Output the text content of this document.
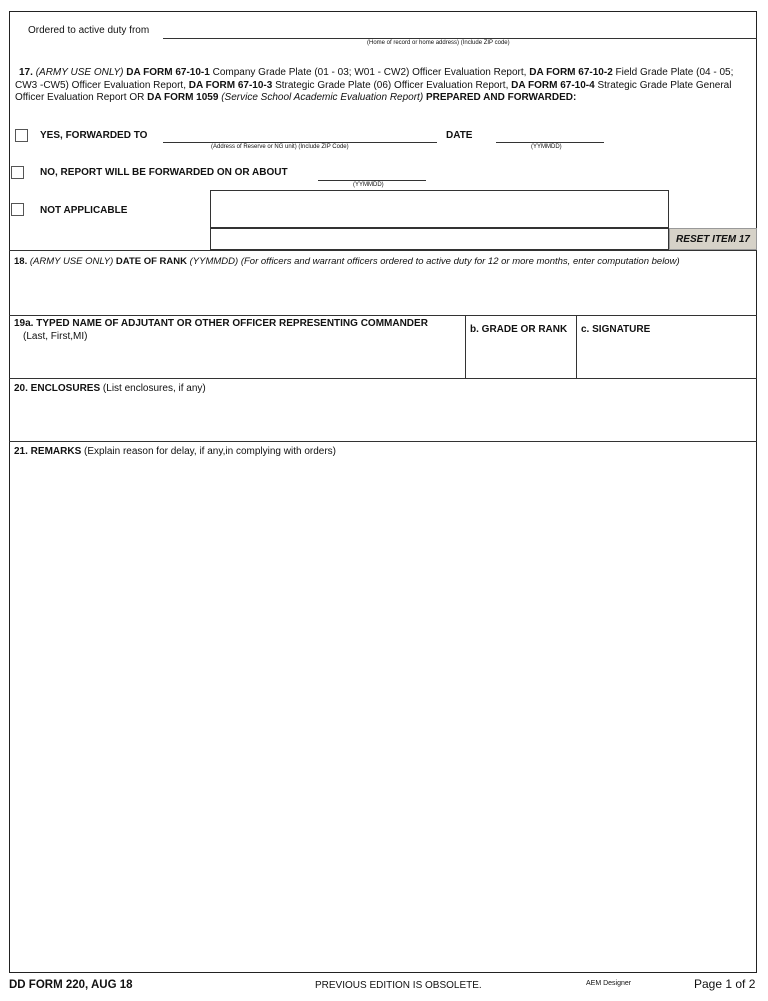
Ordered to active duty from
(Home of record or home address) (Include ZIP code)
17. (ARMY USE ONLY) DA FORM 67-10-1 Company Grade Plate (01 - 03; W01 - CW2) Officer Evaluation Report, DA FORM 67-10-2 Field Grade Plate (04 - 05; CW3 -CW5) Officer Evaluation Report, DA FORM 67-10-3 Strategic Grade Plate (06) Officer Evaluation Report, DA FORM 67-10-4 Strategic Grade Plate General Officer Evaluation Report OR DA FORM 1059 (Service School Academic Evaluation Report) PREPARED AND FORWARDED:
YES, FORWARDED TO
(Address of Reserve or NG unit) (Include ZIP Code)
DATE
(YYMMDD)
NO, REPORT WILL BE FORWARDED ON OR ABOUT
(YYMMDD)
NOT APPLICABLE
RESET ITEM 17
18. (ARMY USE ONLY) DATE OF RANK (YYMMDD) (For officers and warrant officers ordered to active duty for 12 or more months, enter computation below)
19a. TYPED NAME OF ADJUTANT OR OTHER OFFICER REPRESENTING COMMANDER
(Last, First,MI)
b. GRADE OR RANK c. SIGNATURE
20. ENCLOSURES (List enclosures, if any)
21. REMARKS (Explain reason for delay, if any,in complying with orders)
DD FORM 220, AUG 18	PREVIOUS EDITION IS OBSOLETE.	AEM Designer	Page 1 of 2
